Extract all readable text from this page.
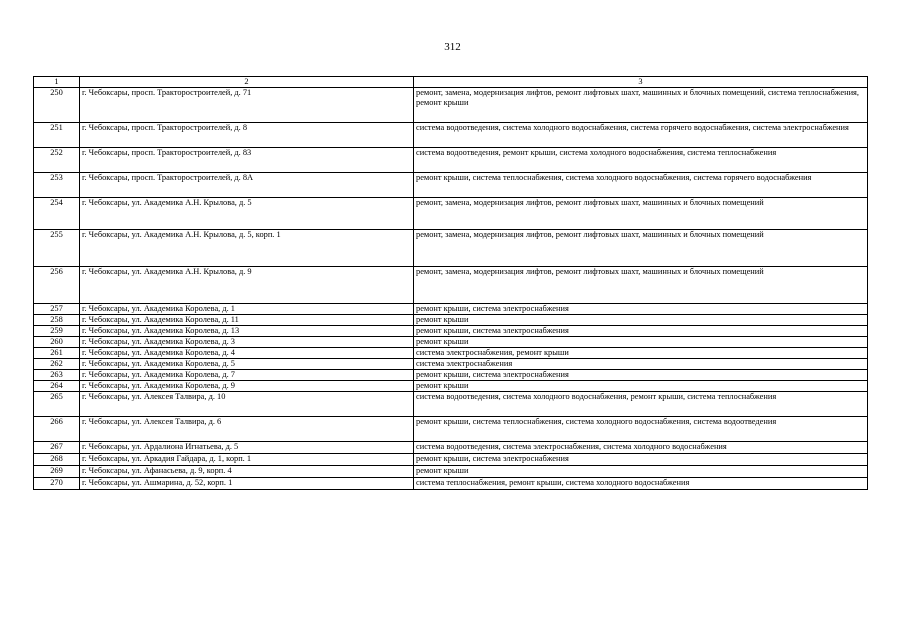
312
1	2	3
250	г. Чебоксары, просп. Тракторостроителей, д. 71	ремонт, замена, модернизация лифтов, ремонт лифтовых шахт, машинных и блочных помещений, система теплоснабжения, ремонт крыши
251	г. Чебоксары, просп. Тракторостроителей, д. 8	система водоотведения, система холодного водоснабжения, система горячего водоснабжения, система электроснабжения
252	г. Чебоксары, просп. Тракторостроителей, д. 83	система водоотведения, ремонт крыши, система холодного водоснабжения, система теплоснабжения
253	г. Чебоксары, просп. Тракторостроителей, д. 8А	ремонт крыши, система теплоснабжения, система холодного водоснабжения, система горячего водоснабжения
254	г. Чебоксары, ул. Академика А.Н. Крылова, д. 5	ремонт, замена, модернизация лифтов, ремонт лифтовых шахт, машинных и блочных помещений
255	г. Чебоксары, ул. Академика А.Н. Крылова, д. 5, корп. 1	ремонт, замена, модернизация лифтов, ремонт лифтовых шахт, машинных и блочных помещений
256	г. Чебоксары, ул. Академика А.Н. Крылова, д. 9	ремонт, замена, модернизация лифтов, ремонт лифтовых шахт, машинных и блочных помещений
257	г. Чебоксары, ул. Академика Королева, д. 1	ремонт крыши, система электроснабжения
258	г. Чебоксары, ул. Академика Королева, д. 11	ремонт крыши
259	г. Чебоксары, ул. Академика Королева, д. 13	ремонт крыши, система электроснабжения
260	г. Чебоксары, ул. Академика Королева, д. 3	ремонт крыши
261	г. Чебоксары, ул. Академика Королева, д. 4	система электроснабжения, ремонт крыши
262	г. Чебоксары, ул. Академика Королева, д. 5	система электроснабжения
263	г. Чебоксары, ул. Академика Королева, д. 7	ремонт крыши, система электроснабжения
264	г. Чебоксары, ул. Академика Королева, д. 9	ремонт крыши
265	г. Чебоксары, ул. Алексея Талвира, д. 10	система водоотведения, система холодного водоснабжения, ремонт крыши, система теплоснабжения
266	г. Чебоксары, ул. Алексея Талвира, д. 6	ремонт крыши, система теплоснабжения, система холодного водоснабжения, система водоотведения
267	г. Чебоксары, ул. Ардалиона Игнатьева, д. 5	система водоотведения, система электроснабжения, система холодного водоснабжения
268	г. Чебоксары, ул. Аркадия Гайдара, д. 1, корп. 1	ремонт крыши, система электроснабжения
269	г. Чебоксары, ул. Афанасьева, д. 9, корп. 4	ремонт крыши
270	г. Чебоксары, ул. Ашмарина, д. 52, корп. 1	система теплоснабжения, ремонт крыши, система холодного водоснабжения
